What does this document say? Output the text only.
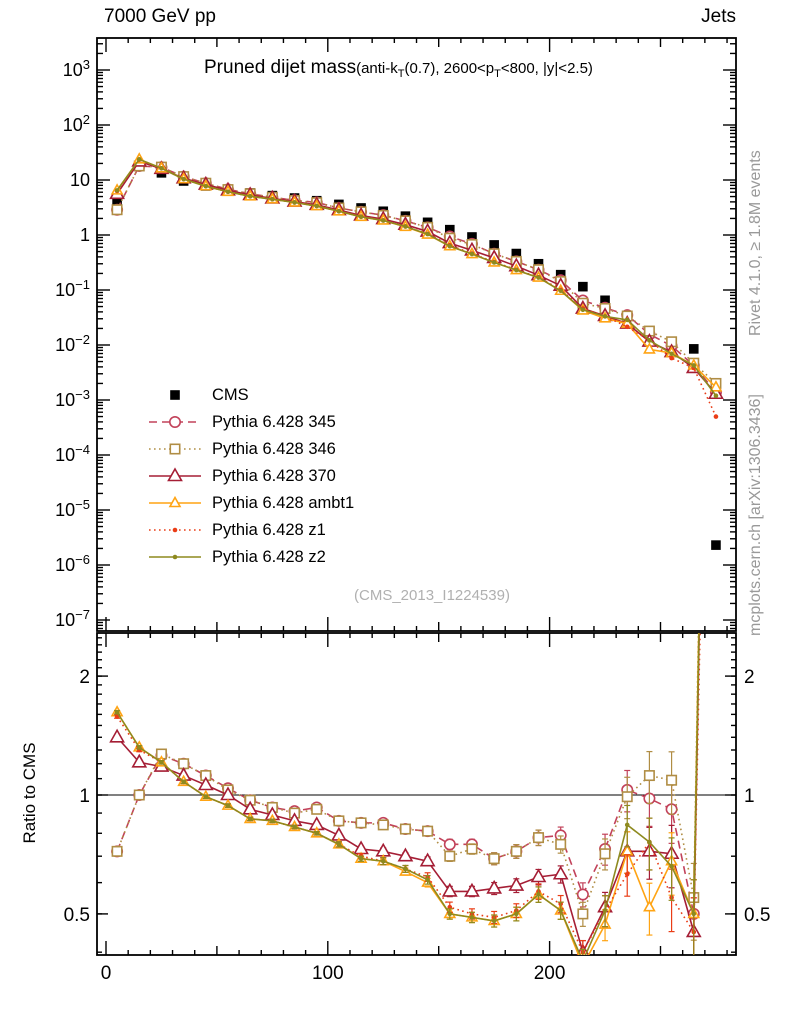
7000 GeV pp	Jets
0	100	200
$10^{-7}$
$10^{-6}$
$10^{-5}$
$10^{-4}$
$10^{-3}$
$10^{-2}$
$10^{-1}$
1
10
$10^2$
$10^3$
0.5	0.5
1	1
2	2
Pruned dijet $mass(anti-k_T(0.7)$, $2600<p_T<800$, |y|<2.5)
CMS
Pythia 6.428 345
Pythia 6.428 346
Pythia 6.428 370
Pythia 6.428 ambt1
Pythia 6.428 z1
Pythia 6.428 z2
Ratio to CMS
Rivet 4.1.0, ≥ 1.8M events
mcplots.cern.ch [arXiv:1306.3436]
(CMS_2013_I1224539)
